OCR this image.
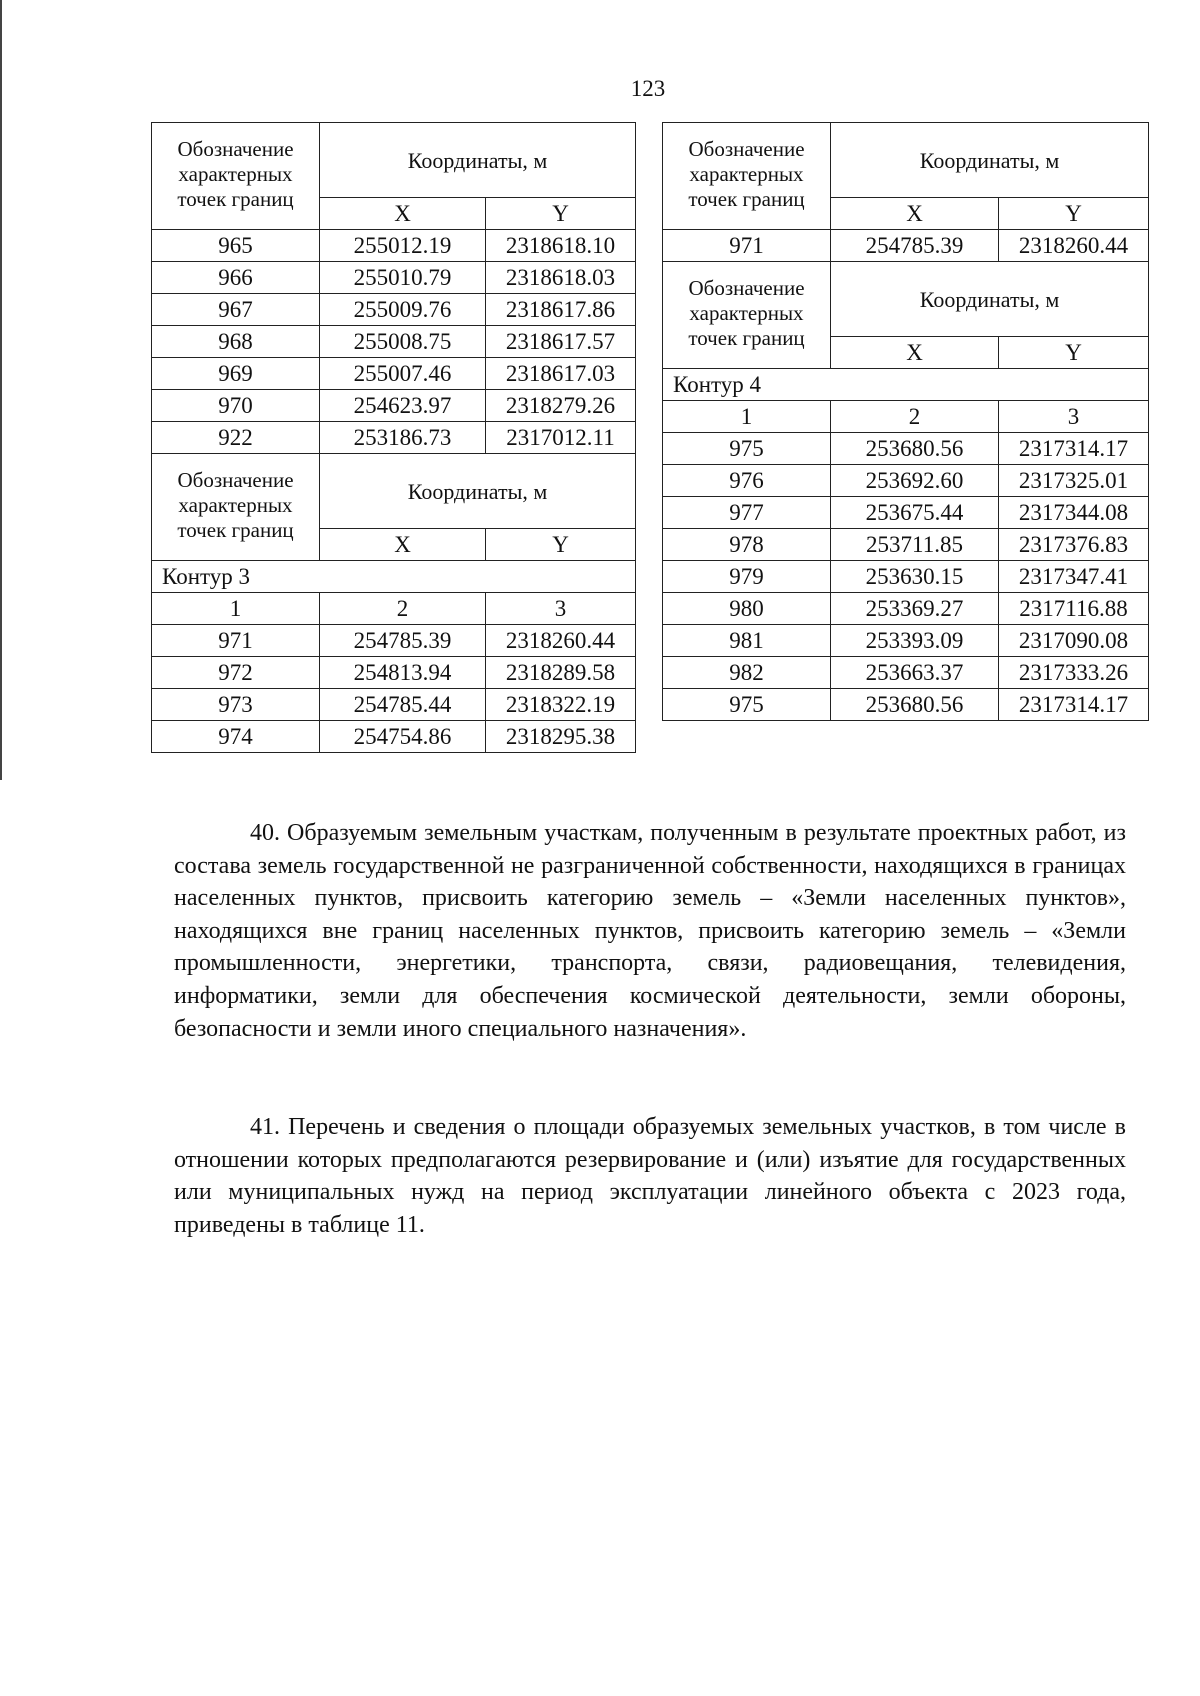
123
Обозначение характерных точек границ	Координаты, м	
	X	Y
965	255012.19	2318618.10
966	255010.79	2318618.03
967	255009.76	2318617.86
968	255008.75	2318617.57
969	255007.46	2318617.03
970	254623.97	2318279.26
922	253186.73	2317012.11
Обозначение характерных точек границ	Координаты, м	
	X	Y
Контур 3		
1	2	3
971	254785.39	2318260.44
972	254813.94	2318289.58
973	254785.44	2318322.19
974	254754.86	2318295.38
Обозначение характерных точек границ	Координаты, м	
	X	Y
971	254785.39	2318260.44
Обозначение характерных точек границ	Координаты, м	
	X	Y
Контур 4		
1	2	3
975	253680.56	2317314.17
976	253692.60	2317325.01
977	253675.44	2317344.08
978	253711.85	2317376.83
979	253630.15	2317347.41
980	253369.27	2317116.88
981	253393.09	2317090.08
982	253663.37	2317333.26
975	253680.56	2317314.17

40. Образуемым земельным участкам, полученным в результате проектных работ, из состава земель государственной не разграниченной собственности, находящихся в границах населенных пунктов, присвоить категорию земель – «Земли населенных пунктов», находящихся вне границ населенных пунктов, присвоить категорию земель – «Земли промышленности, энергетики, транспорта, связи, радиовещания, телевидения, информатики, земли для обеспечения космической деятельности, земли обороны, безопасности и земли иного специального назначения».

41. Перечень и сведения о площади образуемых земельных участков, в том числе в отношении которых предполагаются резервирование и (или) изъятие для государственных или муниципальных нужд на период эксплуатации линейного объекта с 2023 года, приведены в таблице 11.
